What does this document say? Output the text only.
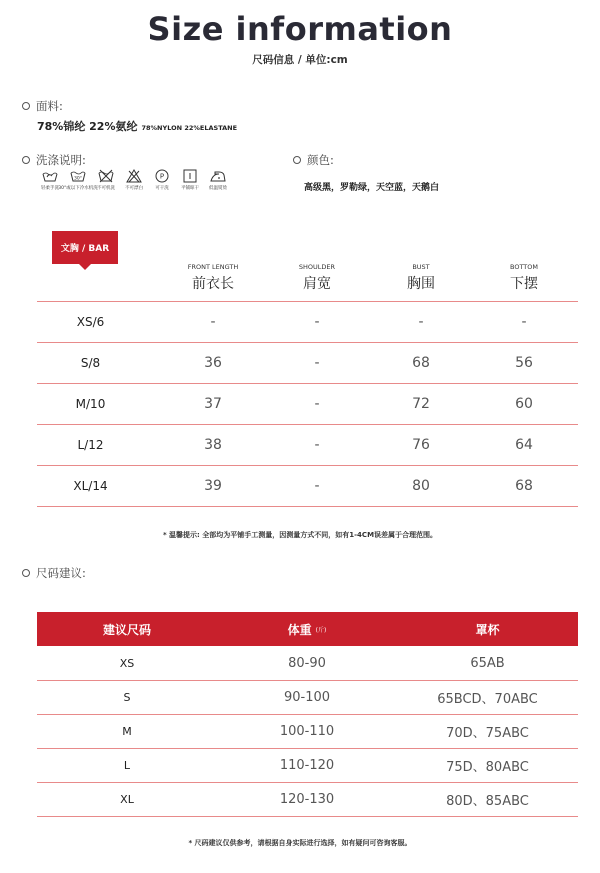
Size information
尺码信息 / 单位:cm
面料:
78%锦纶 22%氨纶 78%NYLON 22%ELASTANE
洗涤说明:
轻柔手洗
30°
30°或以下冷水机洗 不可机洗 不可漂白
P
可干洗	平铺晾干 低温熨烫
颜色:
高级黑，罗勒绿，天空蓝，天鹅白
文胸 / BAR
FRONT LENGTH
前衣长
SHOULDER
肩宽
BUST
胸围
BOTTOM
下摆
XS/6	-	-	-	-
S/8	36	-	68	56
M/10	37	-	72	60
L/12	38	-	76	64
XL/14	39	-	80	68
* 温馨提示: 全部均为平铺手工测量，因测量方式不同，如有1-4CM误差属于合理范围。
尺码建议:
建议尺码	体重 (斤)	罩杯
XS	80-90	65AB
S	90-100	65BCD、70ABC
M	100-110	70D、75ABC
L	110-120	75D、80ABC
XL	120-130	80D、85ABC
* 尺码建议仅供参考，请根据自身实际进行选择，如有疑问可咨询客服。
